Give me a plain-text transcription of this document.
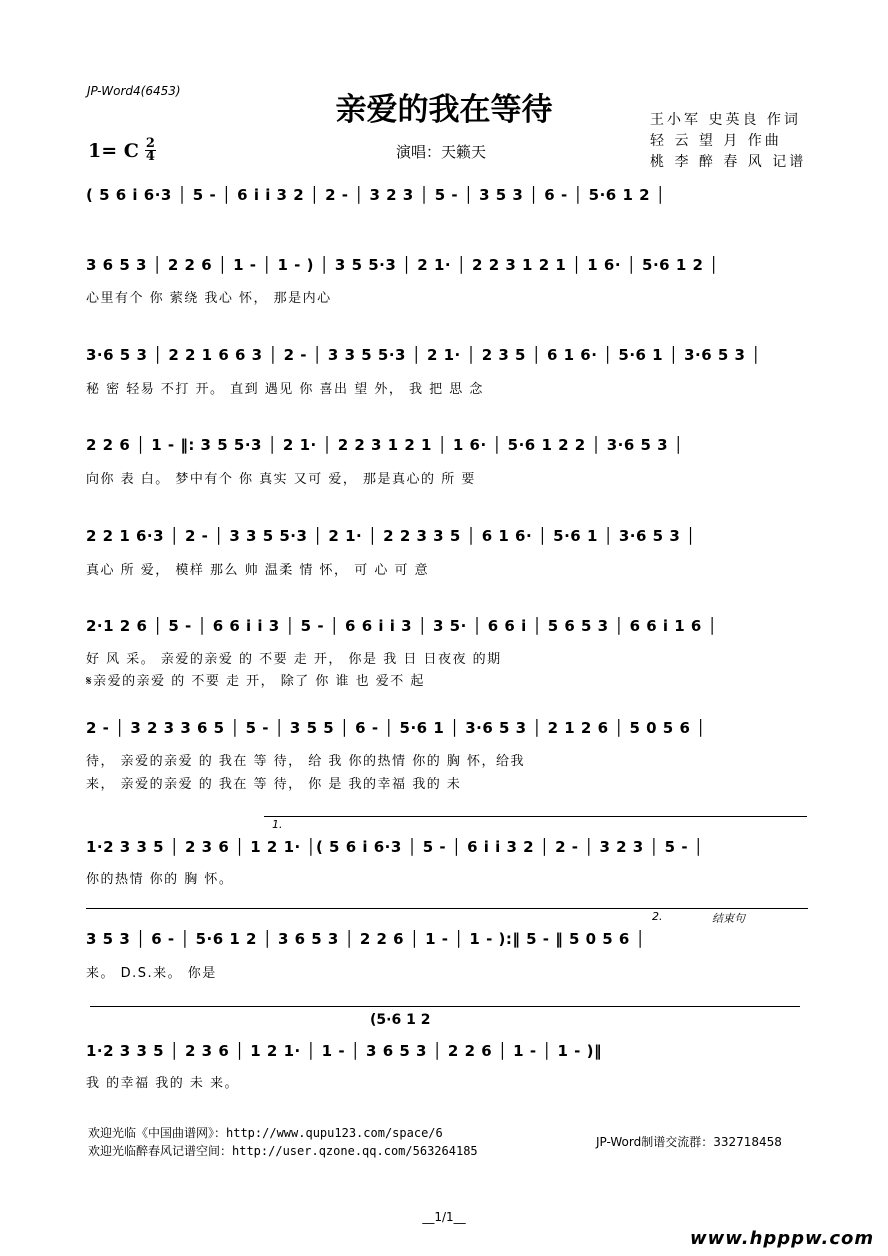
JP-Word4(6453)
亲爱的我在等待
1= C $\frac{2}{4}$	演唱：天籁天
王小军 史英良 作词
轻 云 望 月 作曲
桃 李 醉 春 风 记谱
( 5 6 i 6·3 │ 5 - │ 6 i i 3 2 │ 2 - │ 3 2 3 │ 5 - │ 3 5 3 │ 6 - │ 5·6 1 2 │
3 6 5 3 │ 2 2 6 │ 1 - │ 1 - ) │ 3 5 5·3 │ 2 1· │ 2 2 3 1 2 1 │ 1 6· │ 5·6 1 2 │
心里有个 你 萦绕 我心 怀， 那是内心
3·6 5 3 │ 2 2 1 6 6 3 │ 2 - │ 3 3 5 5·3 │ 2 1· │ 2 3 5 │ 6 1 6· │ 5·6 1 │ 3·6 5 3 │
秘 密 轻易 不打 开。 直到 遇见 你 喜出 望 外， 我 把 思 念
2 2 6 │ 1 - ‖: 3 5 5·3 │ 2 1· │ 2 2 3 1 2 1 │ 1 6· │ 5·6 1 2 2 │ 3·6 5 3 │
向你 表 白。 梦中有个 你 真实 又可 爱， 那是真心的 所 要
2 2 1 6·3 │ 2 - │ 3 3 5 5·3 │ 2 1· │ 2 2 3 3 5 │ 6 1 6· │ 5·6 1 │ 3·6 5 3 │
真心 所 爱， 模样 那么 帅 温柔 情 怀， 可 心 可 意
2·1 2 6 │ 5 - │ 6 6 i i 3 │ 5 - │ 6 6 i i 3 │ 3 5· │ 6 6 i │ 5 6 5 3 │ 6 6 i 1 6 │
好 风 采。 亲爱的亲爱 的 不要 走 开， 你是 我 日 日夜夜 的期
𝄋亲爱的亲爱 的 不要 走 开， 除了 你 谁 也 爱不 起
2 - │ 3 2 3 3 6 5 │ 5 - │ 3 5 5 │ 6 - │ 5·6 1 │ 3·6 5 3 │ 2 1 2 6 │ 5 0 5 6 │
待， 亲爱的亲爱 的 我在 等 待， 给 我 你的热情 你的 胸 怀，给我
来， 亲爱的亲爱 的 我在 等 待， 你 是 我的幸福 我的 未
1.
1·2 3 3 5 │ 2 3 6 │ 1 2 1· │( 5 6 i 6·3 │ 5 - │ 6 i i 3 2 │ 2 - │ 3 2 3 │ 5 - │
你的热情 你的 胸 怀。
2.	结束句
3 5 3 │ 6 - │ 5·6 1 2 │ 3 6 5 3 │ 2 2 6 │ 1 - │ 1 - ):‖ 5 - ‖ 5 0 5 6 │
来。 D.S.来。 你是
(5·6 1 2
1·2 3 3 5 │ 2 3 6 │ 1 2 1· │ 1 - │ 3 6 5 3 │ 2 2 6 │ 1 - │ 1 - )‖
我 的幸福 我的 未 来。
欢迎光临《中国曲谱网》：http://www.qupu123.com/space/6
欢迎光临醉春风记谱空间：http://user.qzone.qq.com/563264185
JP-Word制谱交流群：332718458
__1/1__
www.hpppw.com
